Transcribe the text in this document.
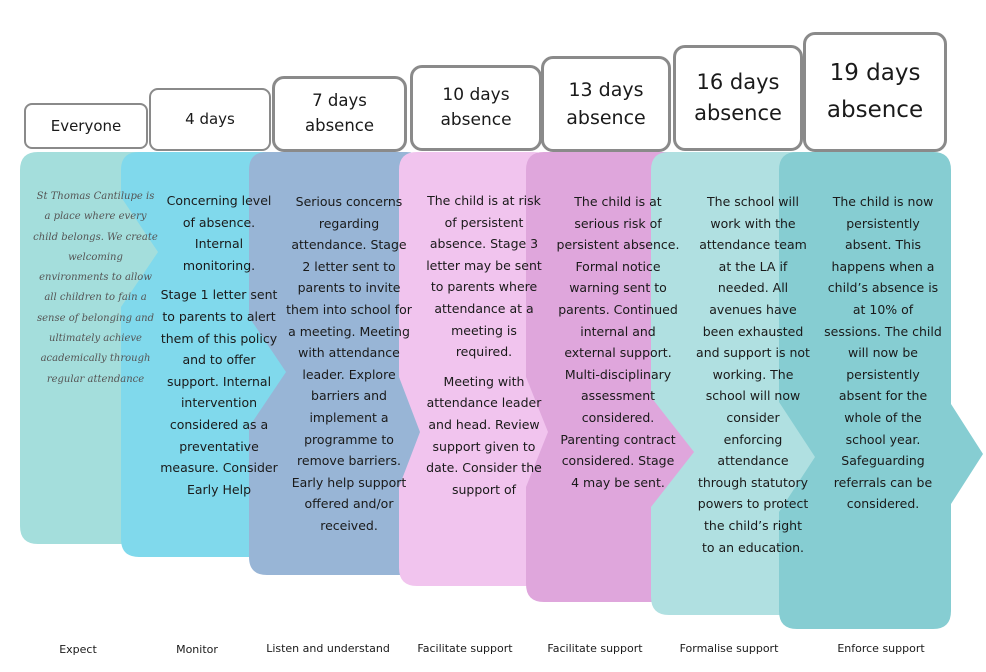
Everyone	4 days
7 days absence
10 days absence
13 days absence
16 days absence
19 days absence

St Thomas Cantilupe is a place where every child belongs. We create welcoming environments to allow all children to fain a sense of belonging and ultimately achieve academically through regular attendance

Concerning level of absence. Internal monitoring.

Stage 1 letter sent to parents to alert them of this policy and to offer support. Internal intervention considered as a preventative measure. Consider Early Help

Serious concerns regarding attendance. Stage 2 letter sent to parents to invite them into school for a meeting. Meeting with attendance leader. Explore barriers and implement a programme to remove barriers. Early help support offered and/or received.

The child is at risk of persistent absence. Stage 3 letter may be sent to parents where attendance at a meeting is required.

Meeting with attendance leader and head. Review support given to date. Consider the support of

The child is at serious risk of persistent absence. Formal notice warning sent to parents. Continued internal and external support. Multi-disciplinary assessment considered. Parenting contract considered. Stage 4 may be sent.

The school will work with the attendance team at the LA if needed. All avenues have been exhausted and support is not working. The school will now consider enforcing attendance through statutory powers to protect the child’s right to an education.

The child is now persistently absent. This happens when a child’s absence is at 10% of sessions. The child will now be persistently absent for the whole of the school year. Safeguarding referrals can be considered.

Expect	Monitor	Listen and understand	Facilitate support	Facilitate support	Formalise support	Enforce support
